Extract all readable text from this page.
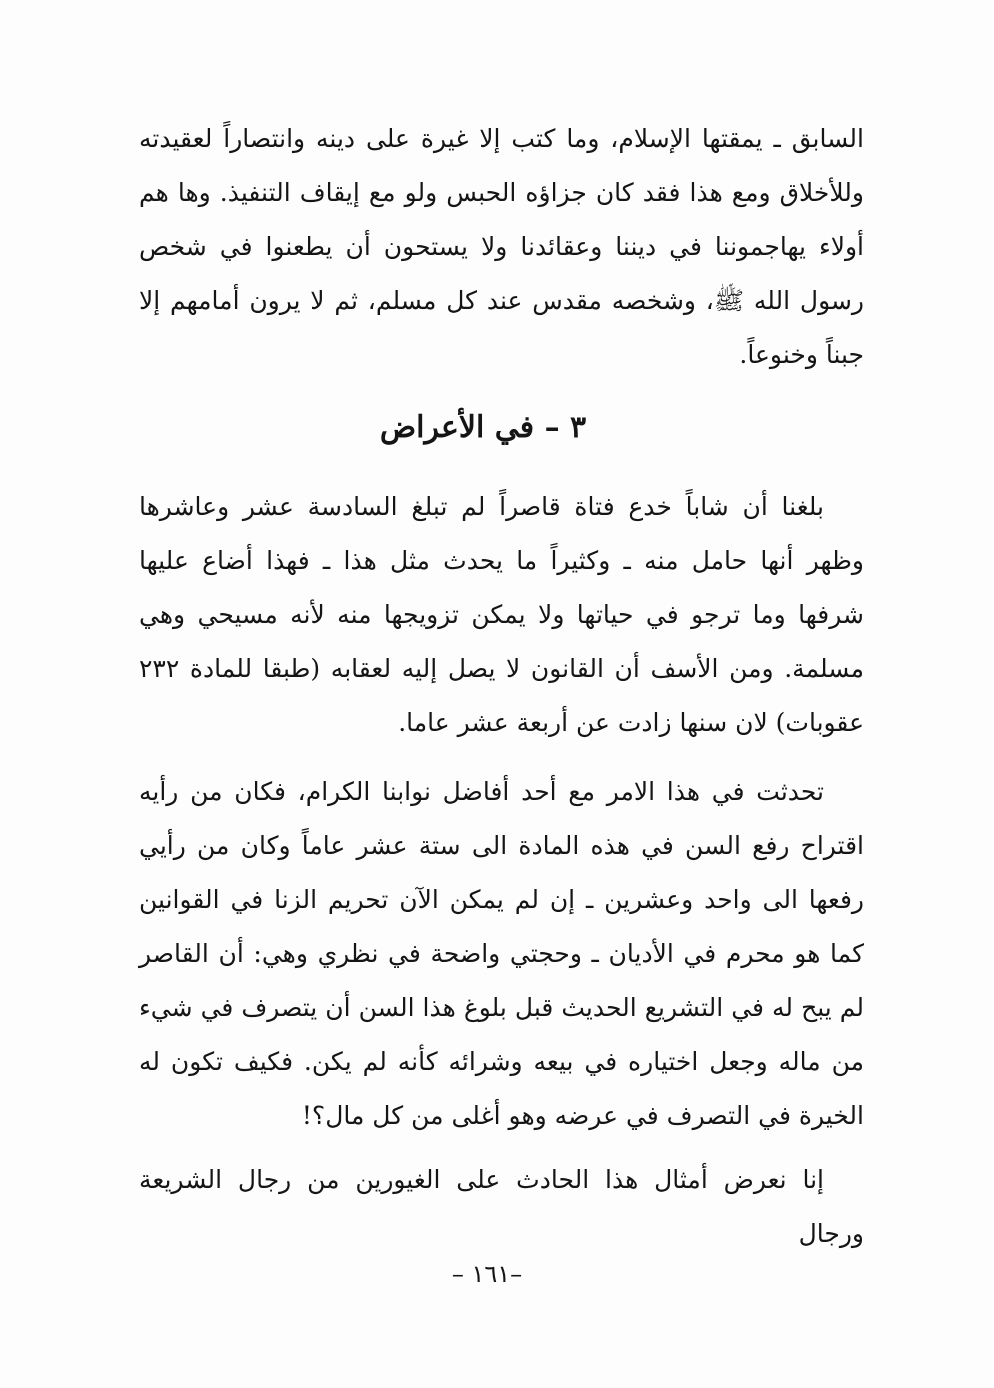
السابق ـ يمقتها الإسلام، وما كتب إلا غيرة على دينه وانتصاراً لعقيدته وللأخلاق ومع هذا فقد كان جزاؤه الحبس ولو مع إيقاف التنفيذ. وها هم أولاء يهاجموننا في ديننا وعقائدنا ولا يستحون أن يطعنوا في شخص رسول الله ﷺ، وشخصه مقدس عند كل مسلم، ثم لا يرون أمامهم إلا جبناً وخنوعاً.

٣ – في الأعراض

بلغنا أن شاباً خدع فتاة قاصراً لم تبلغ السادسة عشر وعاشرها وظهر أنها حامل منه ـ وكثيراً ما يحدث مثل هذا ـ فهذا أضاع عليها شرفها وما ترجو في حياتها ولا يمكن تزويجها منه لأنه مسيحي وهي مسلمة. ومن الأسف أن القانون لا يصل إليه لعقابه (طبقا للمادة ٢٣٢ عقوبات) لان سنها زادت عن أربعة عشر عاما.

تحدثت في هذا الامر مع أحد أفاضل نوابنا الكرام، فكان من رأيه اقتراح رفع السن في هذه المادة الى ستة عشر عاماً وكان من رأيي رفعها الى واحد وعشرين ـ إن لم يمكن الآن تحريم الزنا في القوانين كما هو محرم في الأديان ـ وحجتي واضحة في نظري وهي: أن القاصر لم يبح له في التشريع الحديث قبل بلوغ هذا السن أن يتصرف في شيء من ماله وجعل اختياره في بيعه وشرائه كأنه لم يكن. فكيف تكون له الخيرة في التصرف في عرضه وهو أغلى من كل مال؟!

إنا نعرض أمثال هذا الحادث على الغيورين من رجال الشريعة ورجال

–١٦١ –
